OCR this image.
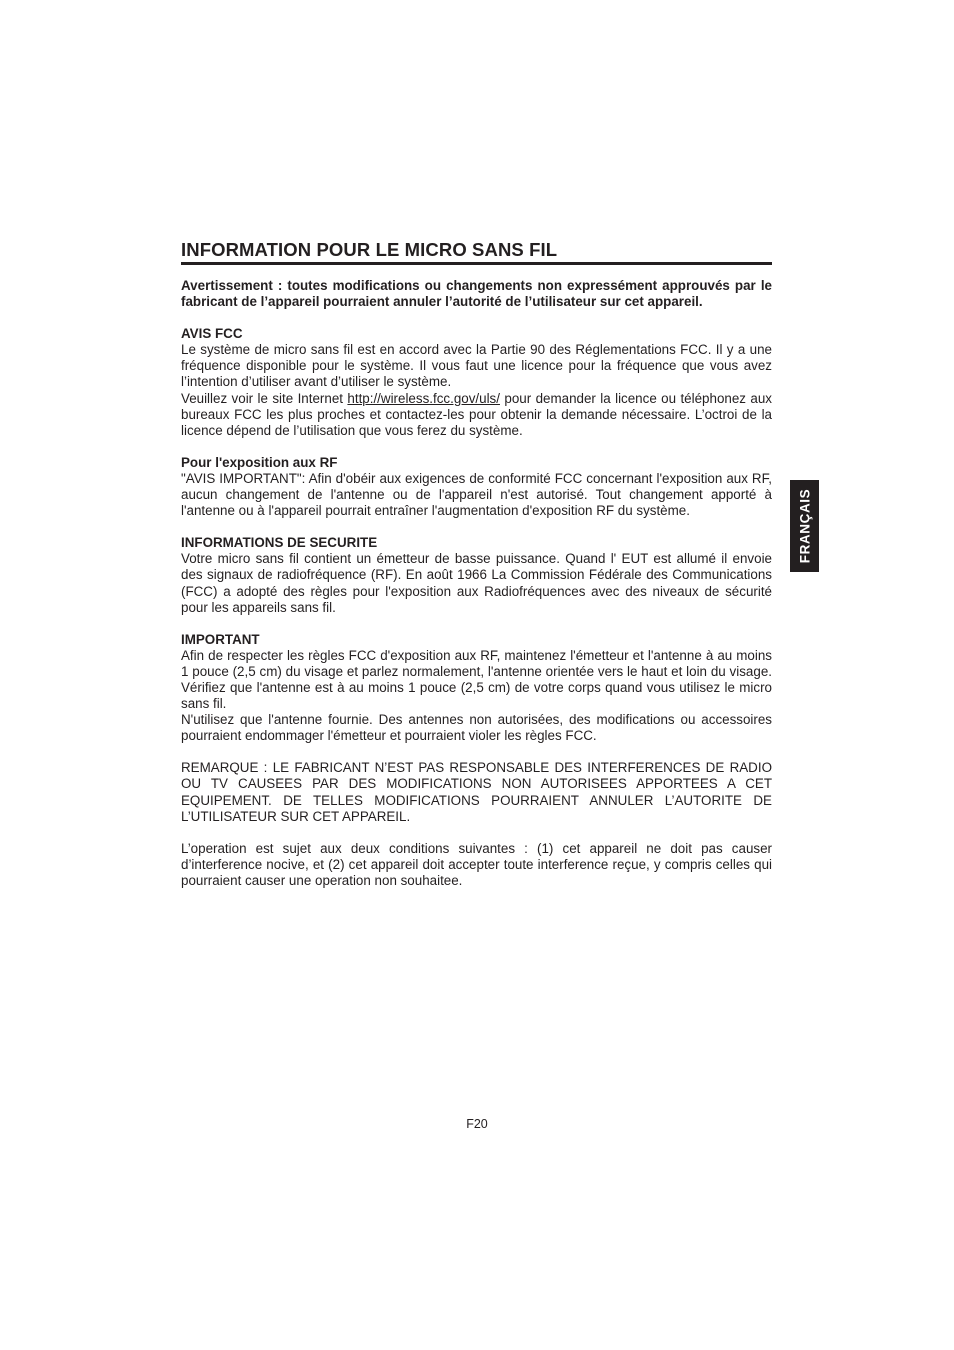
INFORMATION POUR LE MICRO SANS FIL

Avertissement : toutes modifications ou changements non expressément approuvés par le fabricant de l’appareil pourraient annuler l’autorité de l’utilisateur sur cet appareil.

AVIS FCC

Le système de micro sans fil est en accord avec la Partie 90 des Réglementations FCC. Il y a une fréquence disponible pour le système. Il vous faut une licence pour la fréquence que vous avez l’intention d’utiliser avant d’utiliser le système.

Veuillez voir le site Internet http://wireless.fcc.gov/uls/ pour demander la licence ou téléphonez aux bureaux FCC les plus proches et contactez-les pour obtenir la demande nécessaire. L’octroi de la licence dépend de l’utilisation que vous ferez du système.

Pour l'exposition aux RF

"AVIS IMPORTANT": Afin d'obéir aux exigences de conformité FCC concernant l'exposition aux RF, aucun changement de l'antenne ou de l'appareil n'est autorisé. Tout changement apporté à l'antenne ou à l'appareil pourrait entraîner l'augmentation d'exposition RF du système.

INFORMATIONS DE SECURITE

Votre micro sans fil contient un émetteur de basse puissance. Quand l' EUT est allumé il envoie des signaux de radiofréquence (RF). En août 1966 La Commission Fédérale des Communications (FCC) a adopté des règles pour l'exposition aux Radiofréquences avec des niveaux de sécurité pour les appareils sans fil.

IMPORTANT

Afin de respecter les règles FCC d'exposition aux RF, maintenez l'émetteur et l'antenne à au moins 1 pouce (2,5 cm) du visage et parlez normalement, l'antenne orientée vers le haut et loin du visage. Vérifiez que l'antenne est à au moins 1 pouce (2,5 cm) de votre corps quand vous utilisez le micro sans fil.

N'utilisez que l'antenne fournie. Des antennes non autorisées, des modifications ou accessoires pourraient endommager l'émetteur et pourraient violer les règles FCC.

REMARQUE : LE FABRICANT N’EST PAS RESPONSABLE DES INTERFERENCES DE RADIO OU TV CAUSEES PAR DES MODIFICATIONS NON AUTORISEES APPORTEES A CET EQUIPEMENT. DE TELLES MODIFICATIONS POURRAIENT ANNULER L’AUTORITE DE L’UTILISATEUR SUR CET APPAREIL.

L’operation est sujet aux deux conditions suivantes : (1) cet appareil ne doit pas causer d’interference nocive, et (2) cet appareil doit accepter toute interference reçue, y compris celles qui pourraient causer une operation non souhaitee.

FRANÇAIS
F20
